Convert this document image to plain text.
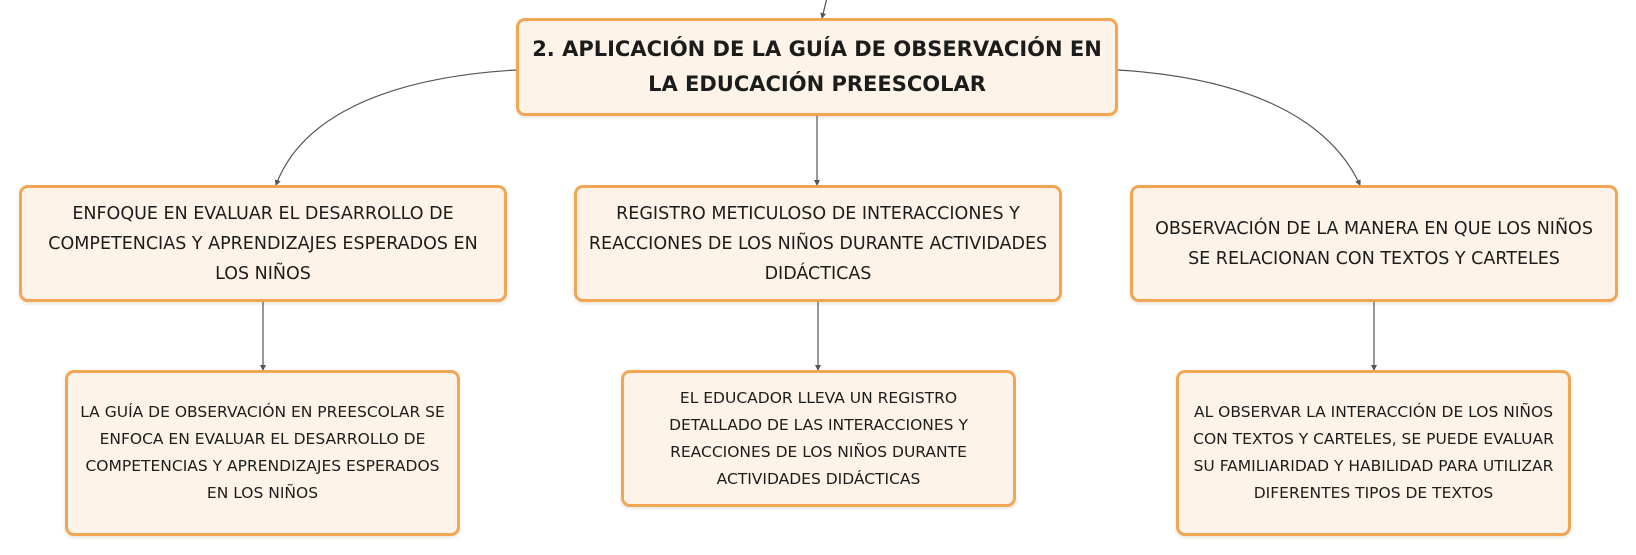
2. APLICACIÓN DE LA GUÍA DE OBSERVACIÓN EN LA EDUCACIÓN PREESCOLAR
ENFOQUE EN EVALUAR EL DESARROLLO DE COMPETENCIAS Y APRENDIZAJES ESPERADOS EN LOS NIÑOS
REGISTRO METICULOSO DE INTERACCIONES Y REACCIONES DE LOS NIÑOS DURANTE ACTIVIDADES DIDÁCTICAS
OBSERVACIÓN DE LA MANERA EN QUE LOS NIÑOS SE RELACIONAN CON TEXTOS Y CARTELES
LA GUÍA DE OBSERVACIÓN EN PREESCOLAR SE ENFOCA EN EVALUAR EL DESARROLLO DE COMPETENCIAS Y APRENDIZAJES ESPERADOS EN LOS NIÑOS
EL EDUCADOR LLEVA UN REGISTRO DETALLADO DE LAS INTERACCIONES Y REACCIONES DE LOS NIÑOS DURANTE ACTIVIDADES DIDÁCTICAS
AL OBSERVAR LA INTERACCIÓN DE LOS NIÑOS CON TEXTOS Y CARTELES, SE PUEDE EVALUAR SU FAMILIARIDAD Y HABILIDAD PARA UTILIZAR DIFERENTES TIPOS DE TEXTOS
